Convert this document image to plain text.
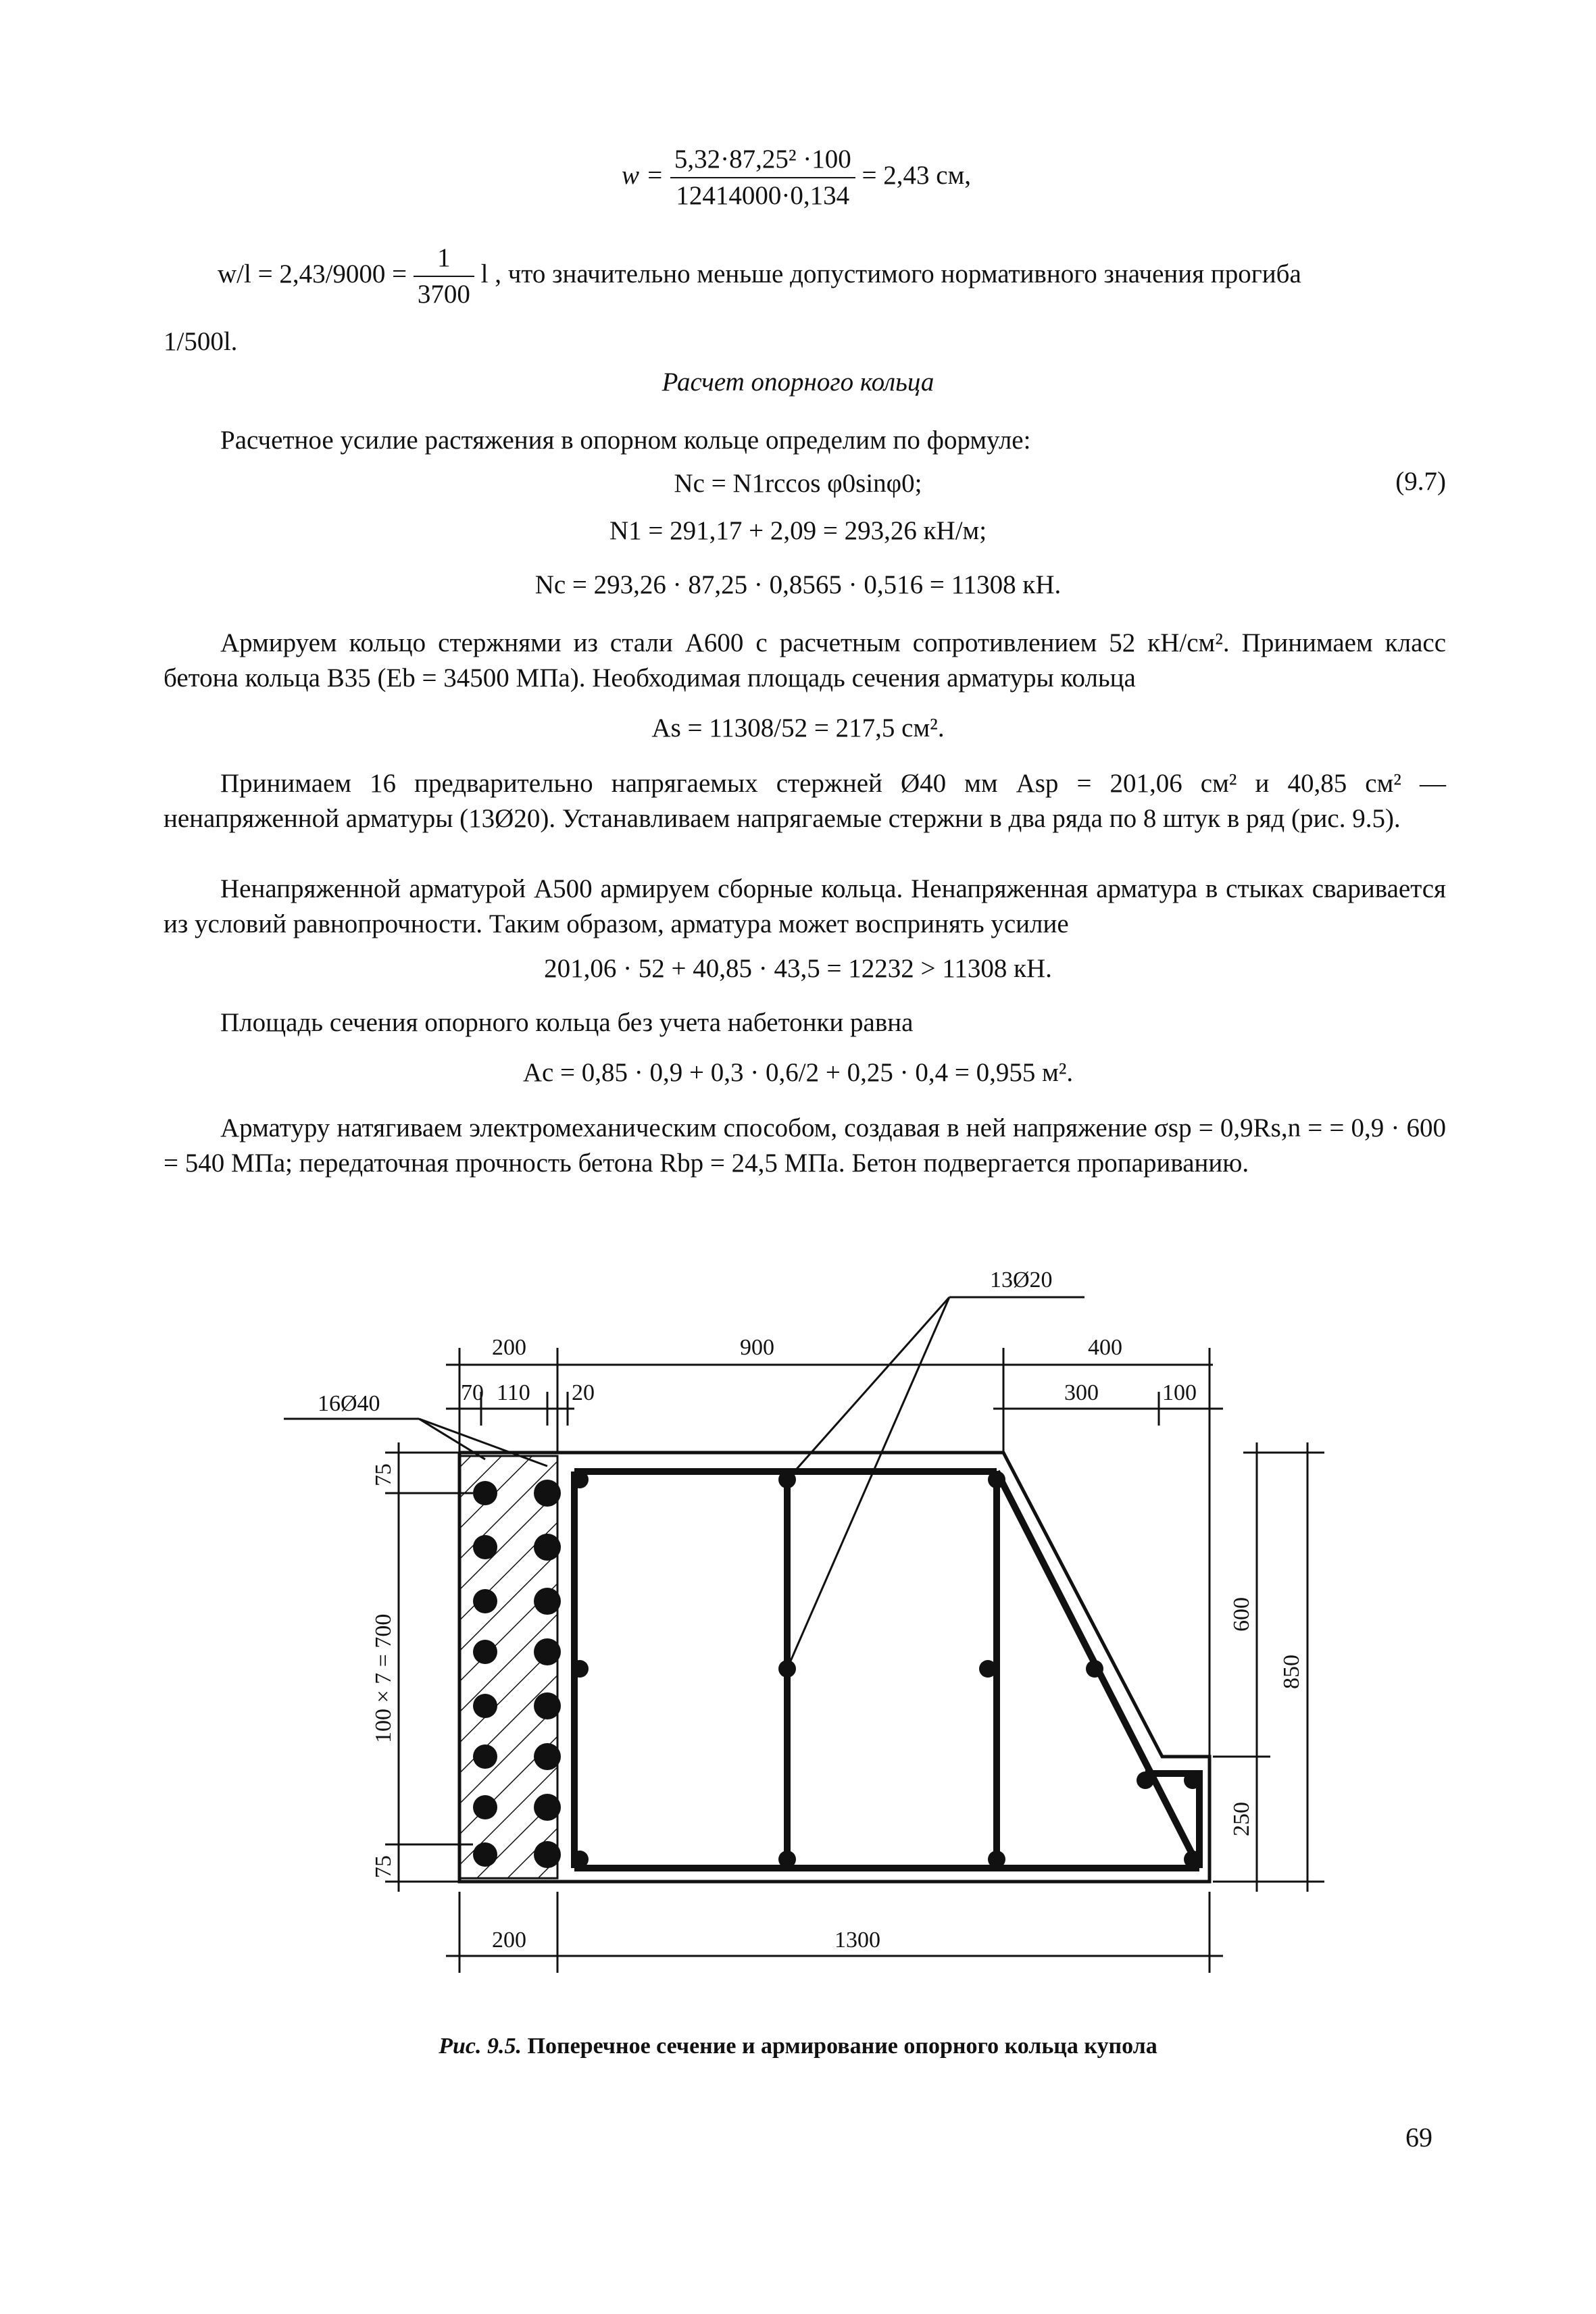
$w = \frac{\text{5,32·87,25² ·100}}{12414000\cdot 0,134} = 2,43$ см,
$w/l = 2,43/9000 = \frac{1}{3700}$ l , что значительно меньше допустимого нормативного значения прогиба
1/500l.
Расчет опорного кольца
Расчетное усилие растяжения в опорном кольце определим по формуле:
Nc = N1rccos φ0sinφ0;	(9.7)
N1 = 291,17 + 2,09 = 293,26 кН/м;
Nc = 293,26 · 87,25 · 0,8565 · 0,516 = 11308 кН.
Армируем кольцо стержнями из стали А600 с расчетным сопротивлением 52 кН/см². Принимаем класс бетона кольца В35 (Eb = 34500 МПа). Необходимая площадь сечения арматуры кольца
As = 11308/52 = 217,5 см².
Принимаем 16 предварительно напрягаемых стержней Ø40 мм Asp = 201,06 см² и 40,85 см² — ненапряженной арматуры (13Ø20). Устанавливаем напрягаемые стержни в два ряда по 8 штук в ряд (рис. 9.5).
Ненапряженной арматурой А500 армируем сборные кольца. Ненапряженная арматура в стыках сваривается из условий равнопрочности. Таким образом, арматура может воспринять усилие
201,06 · 52 + 40,85 · 43,5 = 12232 > 11308 кН.
Площадь сечения опорного кольца без учета набетонки равна
Ac = 0,85 · 0,9 + 0,3 · 0,6/2 + 0,25 · 0,4 = 0,955 м².
Арматуру натягиваем электромеханическим способом, создавая в ней напряжение σsp = 0,9Rs,n = = 0,9 · 600 = 540 МПа; передаточная прочность бетона Rbp = 24,5 МПа. Бетон подвергается пропариванию.
13Ø20
16Ø40
200	900	400
70 110 20	300	100
75
100 × 7 = 700
75
600
850
250
200	1300
Рис. 9.5. Поперечное сечение и армирование опорного кольца купола
69
